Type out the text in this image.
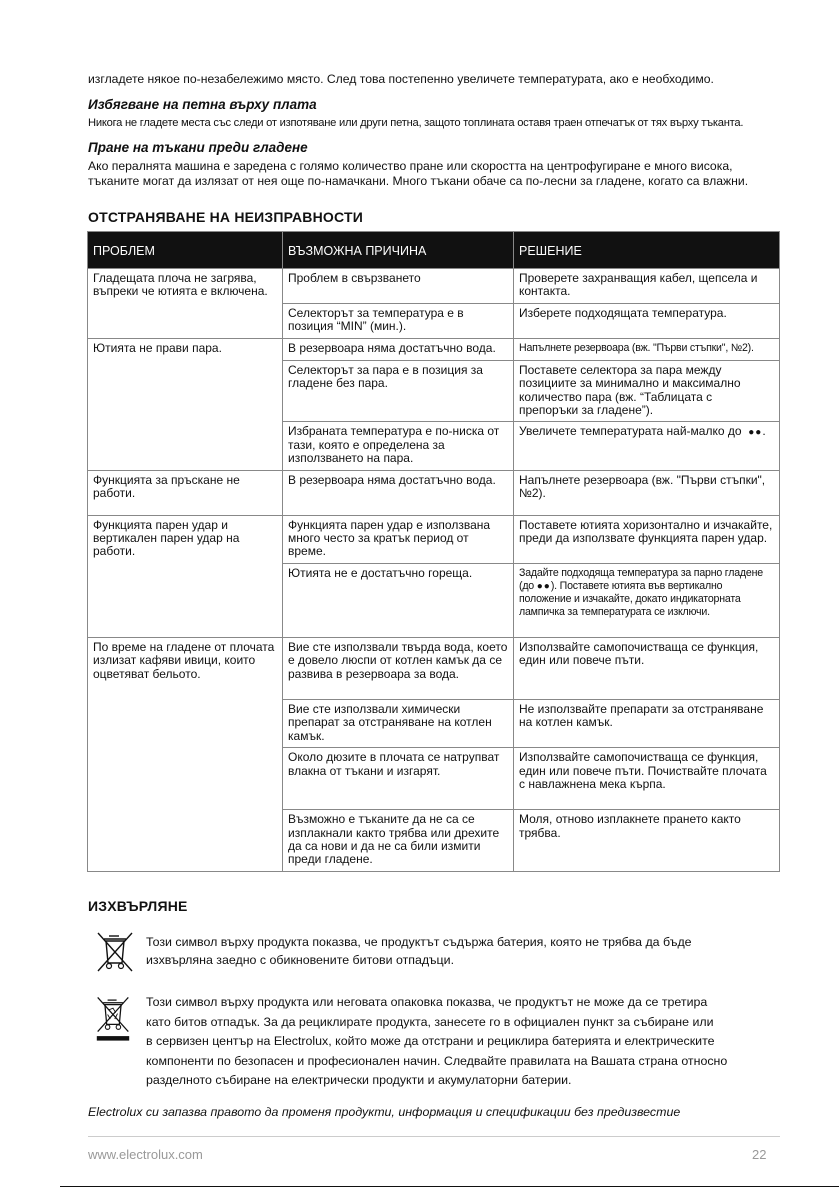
изгладете някое по-незабележимо място. След това постепенно увеличете температурата, ако е необходимо.
Избягване на петна върху плата
Никога не гладете места със следи от изпотяване или други петна, защото топлината оставя траен отпечатък от тях върху тъканта.
Пране на тъкани преди гладене
Ако пералнята машина е заредена с голямо количество пране или скоростта на центрофугиране е много висока,
тъканите могат да излязат от нея още по-намачкани. Много тъкани обаче са по-лесни за гладене, когато са влажни.
ОТСТРАНЯВАНЕ НА НЕИЗПРАВНОСТИ
ПРОБЛЕМ	ВЪЗМОЖНА ПРИЧИНА	РЕШЕНИЕ
Гладещата плоча не загрява, въпреки че ютията е включена.	Проблем в свързването	Проверете захранващия кабел, щепсела и контакта.
	Селекторът за температура е в позиция “MIN” (мин.).	Изберете подходящата температура.
Ютията не прави пара.	В резервоара няма достатъчно вода.	Напълнете резервоара (вж. "Първи стъпки", №2).
	Селекторът за пара е в позиция за гладене без пара.	Поставете селектора за пара между позициите за минимално и максимално количество пара (вж. “Таблицата с препоръки за гладене”).
	Избраната температура е по-ниска от тази, която е определена за използването на пара.	Увеличете температурата най-малко до ●●.
Функцията за пръскане не работи.	В резервоара няма достатъчно вода.	Напълнете резервоара (вж. "Първи стъпки", №2).
Функцията парен удар и вертикален парен удар на работи.	Функцията парен удар е използвана много често за кратък период от време.	Поставете ютията хоризонтално и изчакайте, преди да използвате функцията парен удар.
	Ютията не е достатъчно гореща.	Задайте подходяща температура за парно гладене (до ●●). Поставете ютията във вертикално положение и изчакайте, докато индикаторната лампичка за температурата се изключи.
По време на гладене от плочата излизат кафяви ивици, които оцветяват бельото.	Вие сте използвали твърда вода, което е довело люспи от котлен камък да се развива в резервоара за вода.	Използвайте самопочистваща се функция, един или повече пъти.
	Вие сте използвали химически препарат за отстраняване на котлен камък.	Не използвайте препарати за отстраняване на котлен камък.
	Около дюзите в плочата се натрупват влакна от тъкани и изгарят.	Използвайте самопочистваща се функция, един или повече пъти. Почиствайте плочата с навлажнена мека кърпа.
	Възможно е тъканите да не са се изплакнали както трябва или дрехите да са нови и да не са били измити преди гладене.	Моля, отново изплакнете прането както трябва.
ИЗХВЪРЛЯНЕ
Този символ върху продукта показва, че продуктът съдържа батерия, която не трябва да бъде
изхвърляна заедно с обикновените битови отпадъци.
Този символ върху продукта или неговата опаковка показва, че продуктът не може да се третира
като битов отпадък. За да рециклирате продукта, занесете го в официален пункт за събиране или
в сервизен център на Electrolux, който може да отстрани и рециклира батерията и електрическите
компоненти по безопасен и професионален начин. Следвайте правилата на Вашата страна относно
разделното събиране на електрически продукти и акумулаторни батерии.
Electrolux си запазва правото да променя продукти, информация и спецификации без предизвестие
www.electrolux.com	22
